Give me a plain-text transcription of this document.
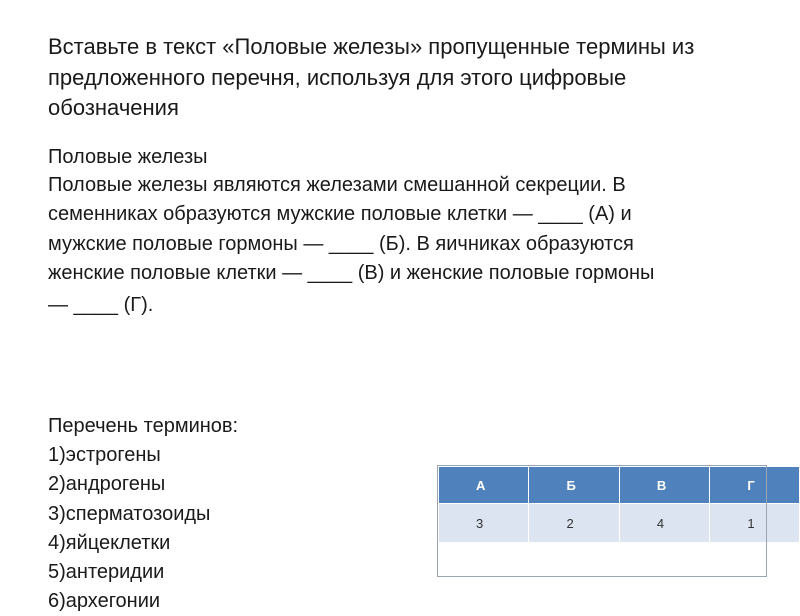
Вставьте в текст «Половые железы» пропущенные термины из предложенного перечня, используя для этого цифровые обозначения

Половые железы

Половые железы являются железами смешанной секреции. В

семенниках образуются мужские половые клетки — ____ (А) и

мужские половые гормоны — ____ (Б). В яичниках образуются

женские половые клетки — ____ (В) и женские половые гормоны

— ____ (Г).

Перечень терминов:

1)эстрогены

2)андрогены

3)сперматозоиды

4)яйцеклетки

5)антеридии

6)архегонии

А	Б	В	Г
3	2	4	1
